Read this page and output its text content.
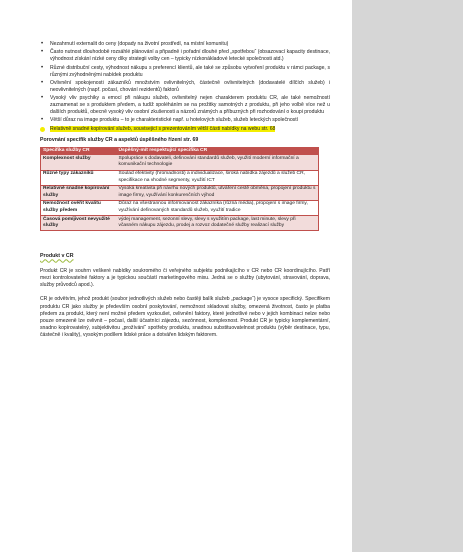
• Nezahrnutí externalit do ceny (dopady na životní prostředí, na místní komunitu)
• Často nutnost dlouhodobě rozsáhlé plánování a připadně i pořadní dlouhé před „spotřebou“ (obsazovací kapacity destinace, výhodnost získání nízké ceny díky strategii volby cen – typicky nízkonákladové letecké společnosti atd.)
• Různé distribuční cesty, výhodnost nákupu s preferencí klientů, ale také se způsobu vytvoření produktu v rámci package, s různými zvýhodněnými nabídek produktu
• Ovlivnění spokojenosti zákazníků množstvím ovlivnitelných, částečně ovlivnitelných (dodavatelé dílčích služeb) i neovlivnitelných (např. počasí, chování rezidentů) faktorů
• Vysoký vliv psychiky a emocí při nákupu služeb, ovlivnitelný nejen charakterem produktu CR, ale také nemožností zaznamenat se s produktem předem, a tudíž spoléháním se na prožitky samotných z produktu, při jeho volbě více než u dalších produktů, obecně vysoký vliv osobní zkušenosti a názorů známých a příbuzných při rozhodování o koupi produktu
• Větší důraz na image produktu – to je charakteristické např. u hotelových služeb, služeb leteckých společností
Relativně snadné kopírování služeb, souvisejicí s prezentováním větší části nabídky na webu str. 68
Porovnání specifik služby CR a aspektů úspěšného řízení str. 69
Specifika služby CR	Úspěšný-mít respektující specifika CR
Komplexnost služby	Spolupráce s dodavateli, definování standardů služeb, využití moderní informační a komunikační technologie
Různé typy zákazníků	Soulad efektivity (hromadnosti) a individualizace, široká nabídka zájezdů a služeb CR, specifikace na vhodné segmenty, využití ICT
Relativně snadné kopírování služby	Vysoká kreativita při návrhu nových produktů, utváření cestě obměna, propojení produktu s image firmy, využívání konkurenčních výhod
Nemožnost ověřit kvalitu služby předem	Důraz na všestrannou informovanost zákazníka (různá média), propojení s image firmy, využívání definovaných standardů služeb, využití tradice
Časová pomíjivost nevyužité služby	výdej management, sezonní slevy, slevy s využitím package, last minute, slevy při včasném nákupu zájezdu, prodej a rozvoz dodatečné služby realizací služby
Produkt v CR

Produkt CR je souhrn veškeré nabídky soukromého či veřejného subjektu podnikajícího v CR nebo CR koordinujícího. Patří mezi kontrolovatelné faktory a je typickou součástí marketingového mixu. Jedná se o služby (ubytování, stravování, doprava, služby průvodců apod.).

CR je odvětvím, jehož produkt (soubor jednotlivých služeb nebo častěji balík služeb „package“) je vysoce specifický. Specifikem produktu CR jako služby je především osobní poskytování, nemožnost skladovat služby, omezená životnost, často je platba předem za produkt, který není možné předem vyzkoušet, ovlivnění faktory, které jednotlivé nebo v jejich kombinaci nelze nebo pouze omezeně lze ovlivnit – počasí, další účastníci zájezdu, sezónnost, komplexnost. Produkt CR je typicky komplementární, snadno kopírovatelný, subjektivitou „prožívání“ spotřeby produktu, snadnou substituovatelnost produktu (výběr destinace, typu, částečně i kvality), vysokým podílem lidské práce a dotvářen lidským faktorem.
